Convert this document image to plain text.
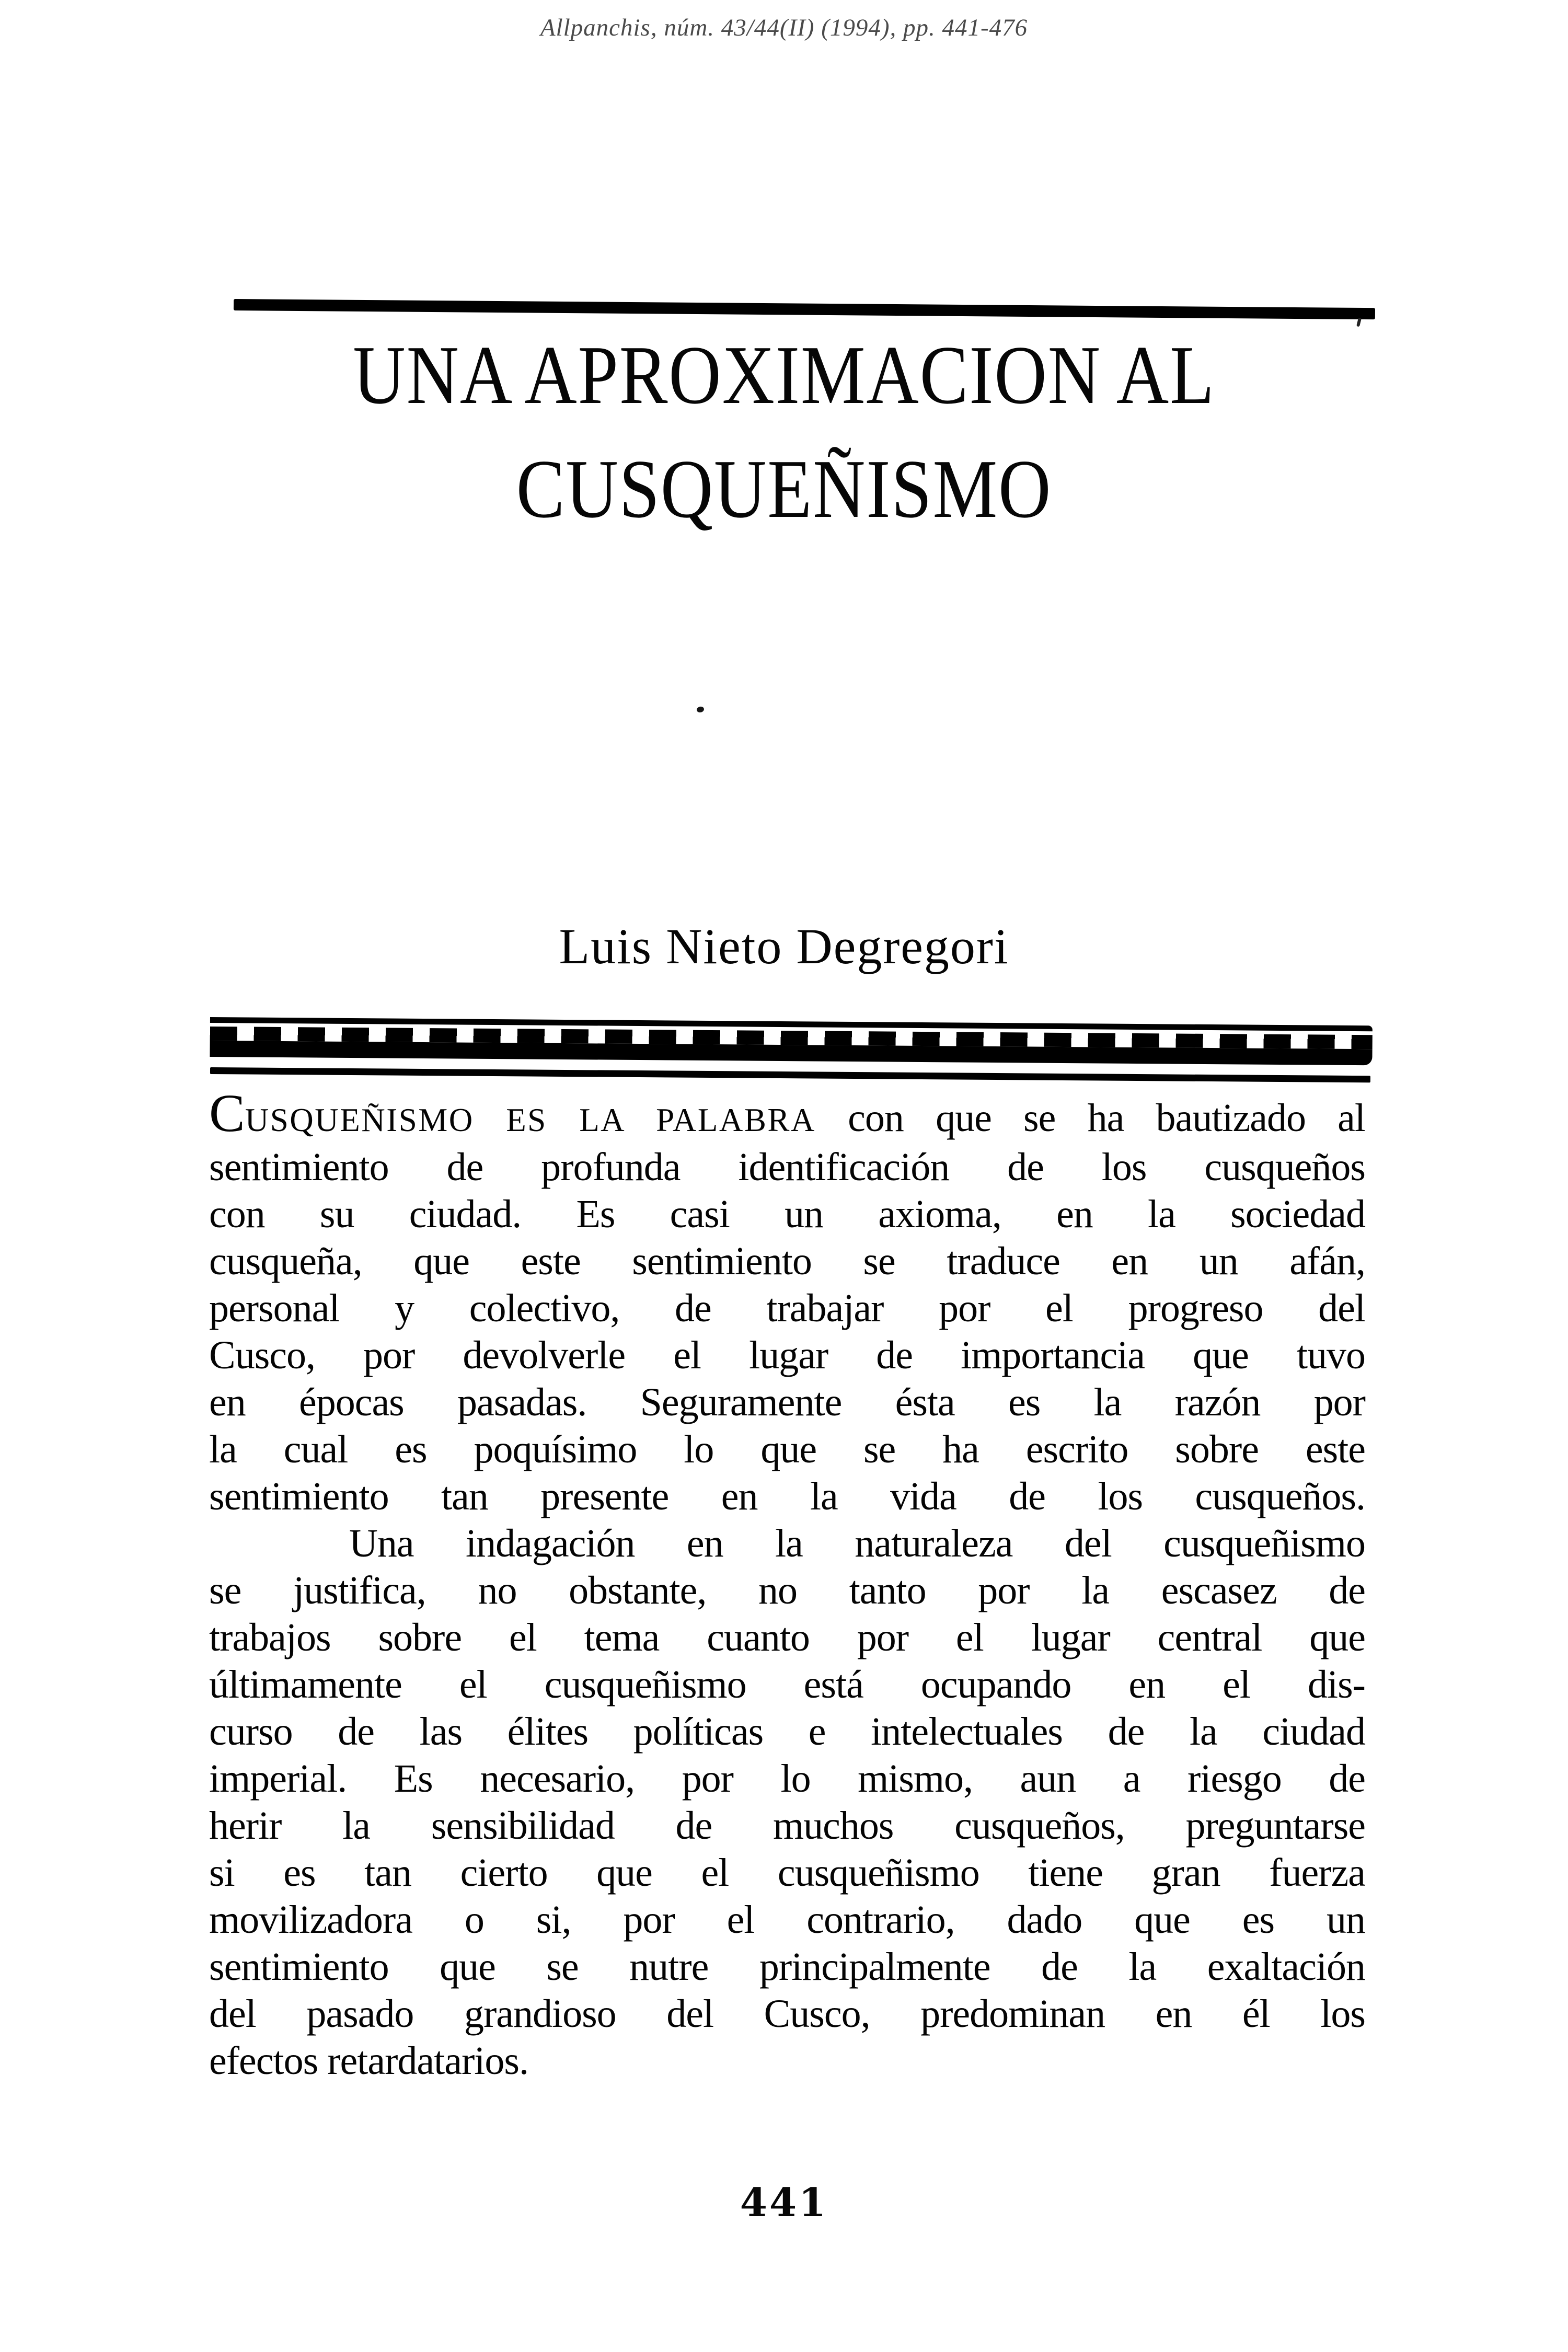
Allpanchis, núm. 43/44(II) (1994), pp. 441-476
UNA APROXIMACION AL
CUSQUEÑISMO
Luis Nieto Degregori
CUSQUEÑISMO ES LA PALABRA con que se ha bautizado al
sentimiento de profunda identificación de los cusqueños
con su ciudad. Es casi un axioma, en la sociedad
cusqueña, que este sentimiento se traduce en un afán,
personal y colectivo, de trabajar por el progreso del
Cusco, por devolverle el lugar de importancia que tuvo
en épocas pasadas. Seguramente ésta es la razón por
la cual es poquísimo lo que se ha escrito sobre este
sentimiento tan presente en la vida de los cusqueños.
Una indagación en la naturaleza del cusqueñismo
se justifica, no obstante, no tanto por la escasez de
trabajos sobre el tema cuanto por el lugar central que
últimamente el cusqueñismo está ocupando en el dis-
curso de las élites políticas e intelectuales de la ciudad
imperial. Es necesario, por lo mismo, aun a riesgo de
herir la sensibilidad de muchos cusqueños, preguntarse
si es tan cierto que el cusqueñismo tiene gran fuerza
movilizadora o si, por el contrario, dado que es un
sentimiento que se nutre principalmente de la exaltación
del pasado grandioso del Cusco, predominan en él los
efectos retardatarios.
441
